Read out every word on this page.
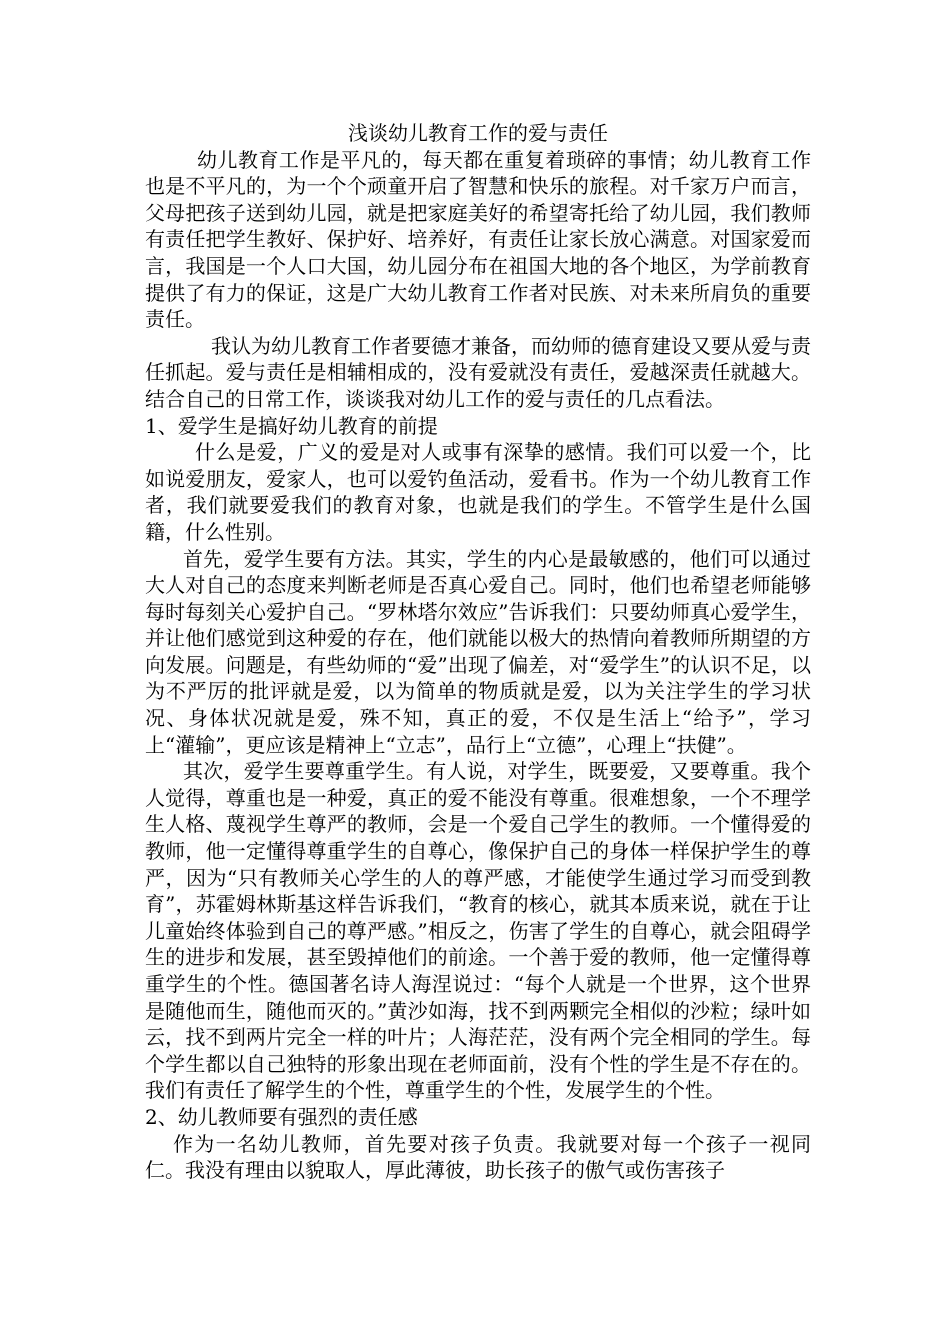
浅谈幼儿教育工作的爱与责任

幼儿教育工作是平凡的，每天都在重复着琐碎的事情；幼儿教育工作也是不平凡的，为一个个顽童开启了智慧和快乐的旅程。对千家万户而言，父母把孩子送到幼儿园，就是把家庭美好的希望寄托给了幼儿园，我们教师有责任把学生教好、保护好、培养好，有责任让家长放心满意。对国家爱而言，我国是一个人口大国，幼儿园分布在祖国大地的各个地区，为学前教育提供了有力的保证，这是广大幼儿教育工作者对民族、对未来所肩负的重要责任。

我认为幼儿教育工作者要德才兼备，而幼师的德育建设又要从爱与责任抓起。爱与责任是相辅相成的，没有爱就没有责任，爱越深责任就越大。结合自己的日常工作，谈谈我对幼儿工作的爱与责任的几点看法。

1、爱学生是搞好幼儿教育的前提

什么是爱，广义的爱是对人或事有深挚的感情。我们可以爱一个，比如说爱朋友，爱家人，也可以爱钓鱼活动，爱看书。作为一个幼儿教育工作者，我们就要爱我们的教育对象，也就是我们的学生。不管学生是什么国籍，什么性别。

首先，爱学生要有方法。其实，学生的内心是最敏感的，他们可以通过大人对自己的态度来判断老师是否真心爱自己。同时，他们也希望老师能够每时每刻关心爱护自己。“罗林塔尔效应”告诉我们：只要幼师真心爱学生，并让他们感觉到这种爱的存在，他们就能以极大的热情向着教师所期望的方向发展。问题是，有些幼师的“爱”出现了偏差，对“爱学生”的认识不足，以为不严厉的批评就是爱，以为简单的物质就是爱，以为关注学生的学习状况、身体状况就是爱，殊不知，真正的爱，不仅是生活上“给予”，学习上“灌输”，更应该是精神上“立志”，品行上“立德”，心理上“扶健”。

其次，爱学生要尊重学生。有人说，对学生，既要爱，又要尊重。我个人觉得，尊重也是一种爱，真正的爱不能没有尊重。很难想象，一个不理学生人格、蔑视学生尊严的教师，会是一个爱自己学生的教师。一个懂得爱的教师，他一定懂得尊重学生的自尊心，像保护自己的身体一样保护学生的尊严，因为“只有教师关心学生的人的尊严感，才能使学生通过学习而受到教育”，苏霍姆林斯基这样告诉我们，“教育的核心，就其本质来说，就在于让儿童始终体验到自己的尊严感。”相反之，伤害了学生的自尊心，就会阻碍学生的进步和发展，甚至毁掉他们的前途。一个善于爱的教师，他一定懂得尊重学生的个性。德国著名诗人海涅说过：“每个人就是一个世界，这个世界是随他而生，随他而灭的。”黄沙如海，找不到两颗完全相似的沙粒；绿叶如云，找不到两片完全一样的叶片；人海茫茫，没有两个完全相同的学生。每个学生都以自己独特的形象出现在老师面前，没有个性的学生是不存在的。我们有责任了解学生的个性，尊重学生的个性，发展学生的个性。

2、幼儿教师要有强烈的责任感

作为一名幼儿教师，首先要对孩子负责。我就要对每一个孩子一视同仁。我没有理由以貌取人，厚此薄彼，助长孩子的傲气或伤害孩子
